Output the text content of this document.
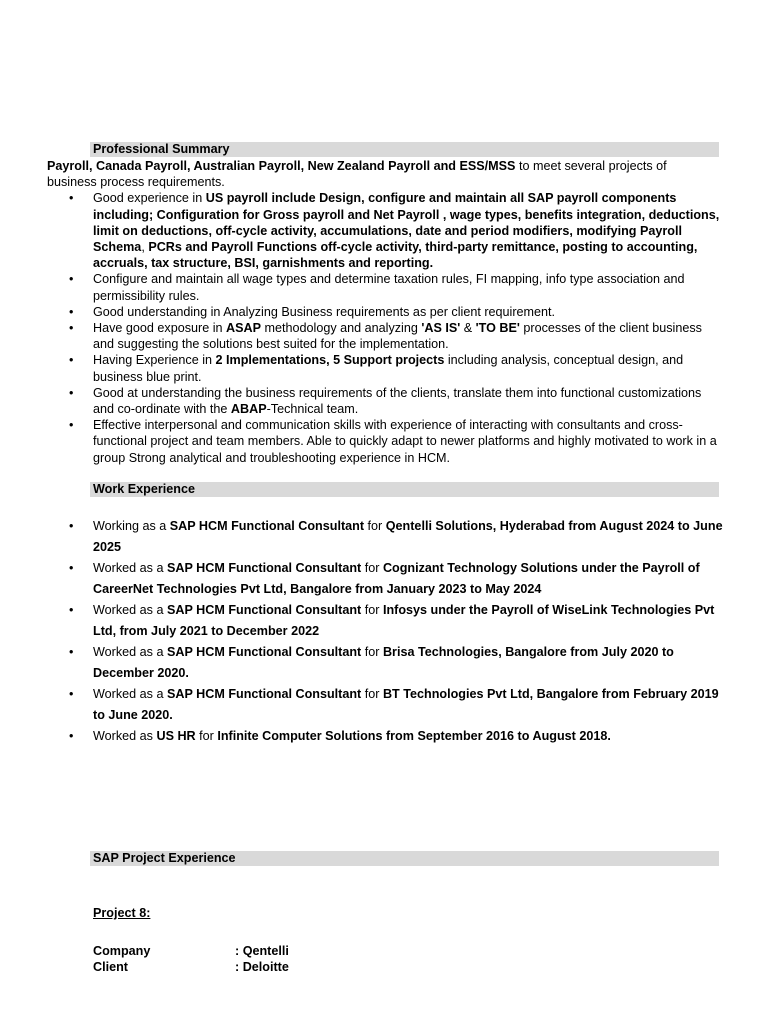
Professional Summary
Payroll, Canada Payroll, Australian Payroll, New Zealand Payroll and ESS/MSS to meet several projects of
business process requirements.
• Good experience in US payroll include Design, configure and maintain all SAP payroll components including; Configuration for Gross payroll and Net Payroll , wage types, benefits integration, deductions, limit on deductions, off-cycle activity, accumulations, date and period modifiers, modifying Payroll Schema, PCRs and Payroll Functions off-cycle activity, third-party remittance, posting to accounting, accruals, tax structure, BSI, garnishments and reporting.
• Configure and maintain all wage types and determine taxation rules, FI mapping, info type association and permissibility rules.
• Good understanding in Analyzing Business requirements as per client requirement.
• Have good exposure in ASAP methodology and analyzing 'AS IS' & 'TO BE' processes of the client business and suggesting the solutions best suited for the implementation.
• Having Experience in 2 Implementations, 5 Support projects including analysis, conceptual design, and business blue print.
• Good at understanding the business requirements of the clients, translate them into functional customizations and co-ordinate with the ABAP-Technical team.
• Effective interpersonal and communication skills with experience of interacting with consultants and cross-functional project and team members. Able to quickly adapt to newer platforms and highly motivated to work in a group Strong analytical and troubleshooting experience in HCM.
Work Experience
• Working as a SAP HCM Functional Consultant for Qentelli Solutions, Hyderabad from August 2024 to June 2025
• Worked as a SAP HCM Functional Consultant for Cognizant Technology Solutions under the Payroll of CareerNet Technologies Pvt Ltd, Bangalore from January 2023 to May 2024
• Worked as a SAP HCM Functional Consultant for Infosys under the Payroll of WiseLink Technologies Pvt Ltd, from July 2021 to December 2022
• Worked as a SAP HCM Functional Consultant for Brisa Technologies, Bangalore from July 2020 to December 2020.
• Worked as a SAP HCM Functional Consultant for BT Technologies Pvt Ltd, Bangalore from February 2019 to June 2020.
• Worked as US HR for Infinite Computer Solutions from September 2016 to August 2018.
SAP Project Experience
Project 8:
Company	: Qentelli
Client	: Deloitte
